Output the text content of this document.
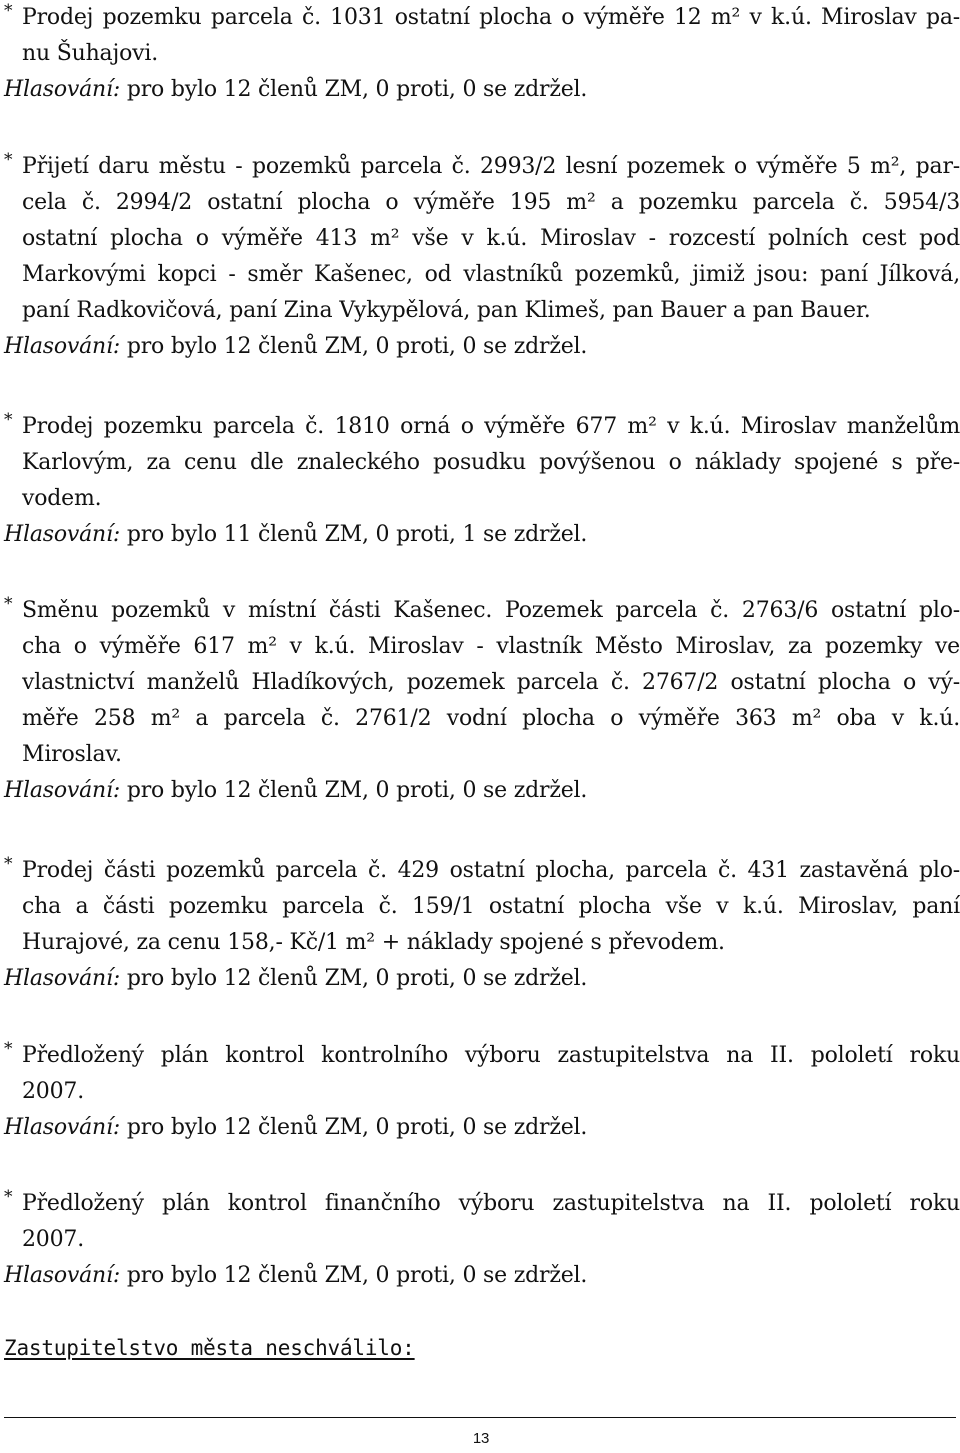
* Prodej pozemku parcela č. 1031 ostatní plocha o výměře 12 m² v k.ú. Miroslav pa-
nu Šuhajovi.
Hlasování: pro bylo 12 členů ZM, 0 proti, 0 se zdržel.
* Přijetí daru městu - pozemků parcela č. 2993/2 lesní pozemek o výměře 5 m², par-
cela č. 2994/2 ostatní plocha o výměře 195 m² a pozemku parcela č. 5954/3
ostatní plocha o výměře 413 m² vše v k.ú. Miroslav - rozcestí polních cest pod
Markovými kopci - směr Kašenec, od vlastníků pozemků, jimiž jsou: paní Jílková,
paní Radkovičová, paní Zina Vykypělová, pan Klimeš, pan Bauer a pan Bauer.
Hlasování: pro bylo 12 členů ZM, 0 proti, 0 se zdržel.
* Prodej pozemku parcela č. 1810 orná o výměře 677 m² v k.ú. Miroslav manželům
Karlovým, za cenu dle znaleckého posudku povýšenou o náklady spojené s pře-
vodem.
Hlasování: pro bylo 11 členů ZM, 0 proti, 1 se zdržel.
* Směnu pozemků v místní části Kašenec. Pozemek parcela č. 2763/6 ostatní plo-
cha o výměře 617 m² v k.ú. Miroslav - vlastník Město Miroslav, za pozemky ve
vlastnictví manželů Hladíkových, pozemek parcela č. 2767/2 ostatní plocha o vý-
měře 258 m² a parcela č. 2761/2 vodní plocha o výměře 363 m² oba v k.ú.
Miroslav.
Hlasování: pro bylo 12 členů ZM, 0 proti, 0 se zdržel.
* Prodej části pozemků parcela č. 429 ostatní plocha, parcela č. 431 zastavěná plo-
cha a části pozemku parcela č. 159/1 ostatní plocha vše v k.ú. Miroslav, paní
Hurajové, za cenu 158,- Kč/1 m² + náklady spojené s převodem.
Hlasování: pro bylo 12 členů ZM, 0 proti, 0 se zdržel.
* Předložený plán kontrol kontrolního výboru zastupitelstva na II. pololetí roku
2007.
Hlasování: pro bylo 12 členů ZM, 0 proti, 0 se zdržel.
* Předložený plán kontrol finančního výboru zastupitelstva na II. pololetí roku
2007.
Hlasování: pro bylo 12 členů ZM, 0 proti, 0 se zdržel.
Zastupitelstvo města neschválilo:
13
